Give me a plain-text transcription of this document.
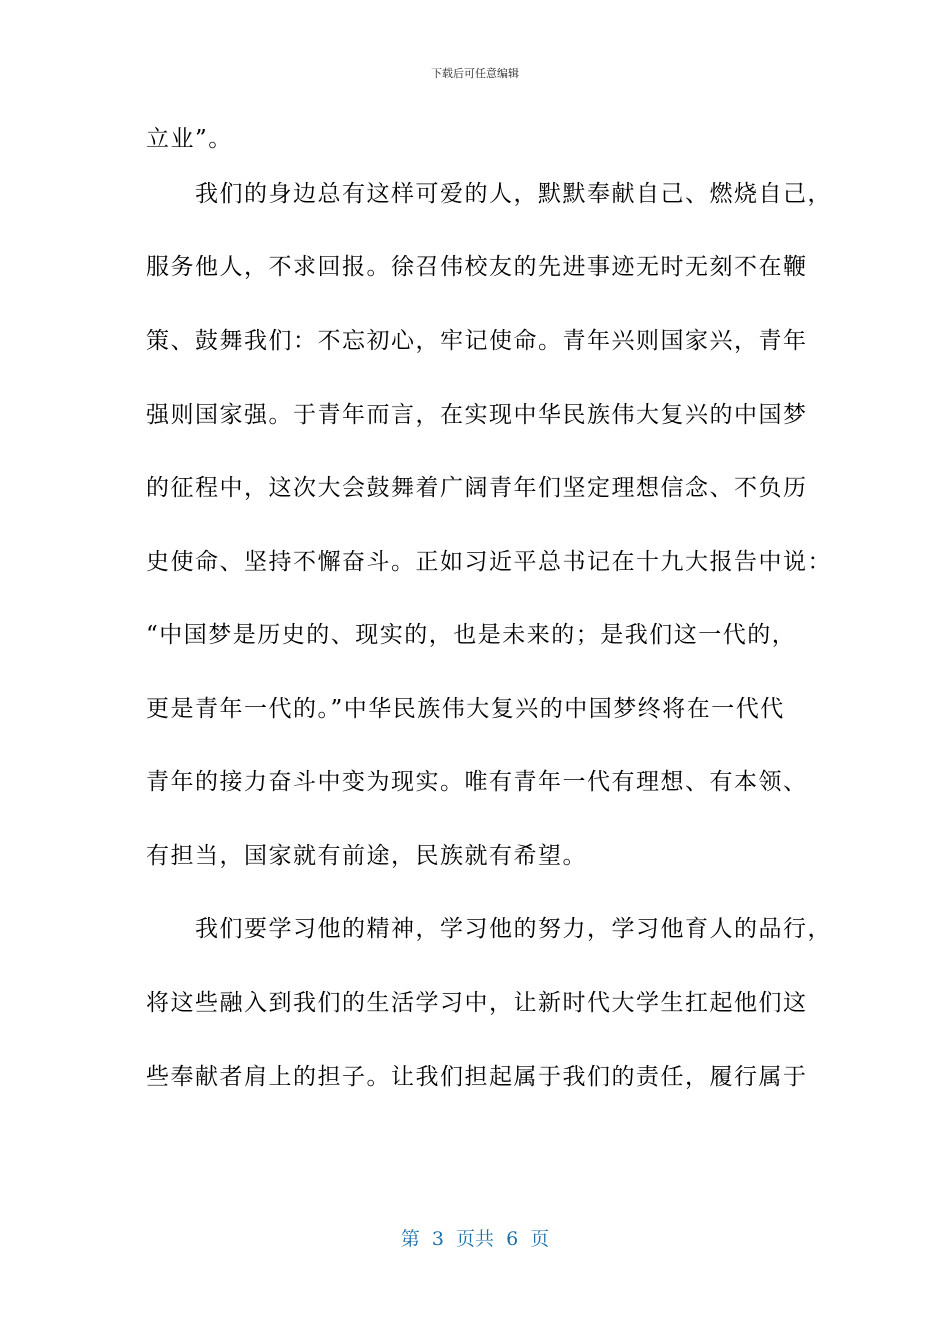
下载后可任意编辑
立业”。
　　我们的身边总有这样可爱的人，默默奉献自己、燃烧自己，
服务他人，不求回报。徐召伟校友的先进事迹无时无刻不在鞭
策、鼓舞我们：不忘初心，牢记使命。青年兴则国家兴，青年
强则国家强。于青年而言，在实现中华民族伟大复兴的中国梦
的征程中，这次大会鼓舞着广阔青年们坚定理想信念、不负历
史使命、坚持不懈奋斗。正如习近平总书记在十九大报告中说：
“中国梦是历史的、现实的，也是未来的；是我们这一代的，
更是青年一代的。”中华民族伟大复兴的中国梦终将在一代代
青年的接力奋斗中变为现实。唯有青年一代有理想、有本领、
有担当，国家就有前途，民族就有希望。
　　我们要学习他的精神，学习他的努力，学习他育人的品行，
将这些融入到我们的生活学习中，让新时代大学生扛起他们这
些奉献者肩上的担子。让我们担起属于我们的责任，履行属于
第  3  页共  6  页
